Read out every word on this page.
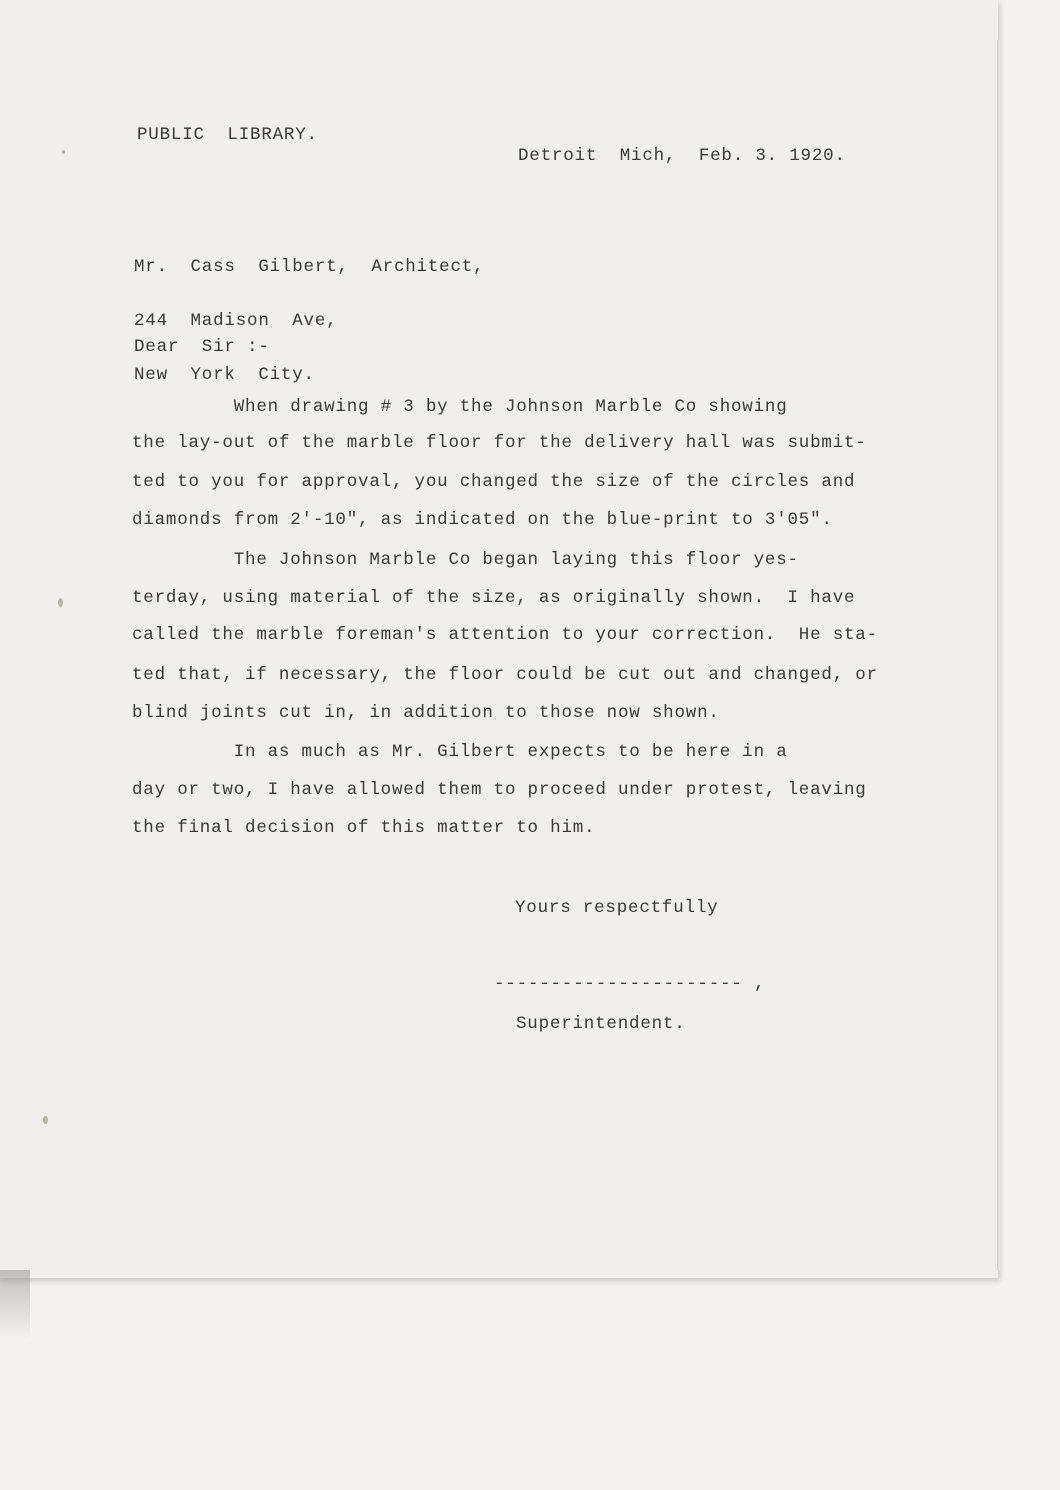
PUBLIC  LIBRARY.
Detroit  Mich,  Feb. 3. 1920.

Mr.  Cass  Gilbert,  Architect,

244  Madison  Ave,

New  York  City.

Dear  Sir :-
When drawing # 3 by the Johnson Marble Co showing
the lay-out of the marble floor for the delivery hall was submit-
ted to you for approval, you changed the size of the circles and
diamonds from 2'-10", as indicated on the blue-print to 3'05".
The Johnson Marble Co began laying this floor yes-
terday, using material of the size, as originally shown.  I have
called the marble foreman's attention to your correction.  He sta-
ted that, if necessary, the floor could be cut out and changed, or
blind joints cut in, in addition to those now shown.
In as much as Mr. Gilbert expects to be here in a
day or two, I have allowed them to proceed under protest, leaving
the final decision of this matter to him.
Yours respectfully
---------------------- ,
Superintendent.
